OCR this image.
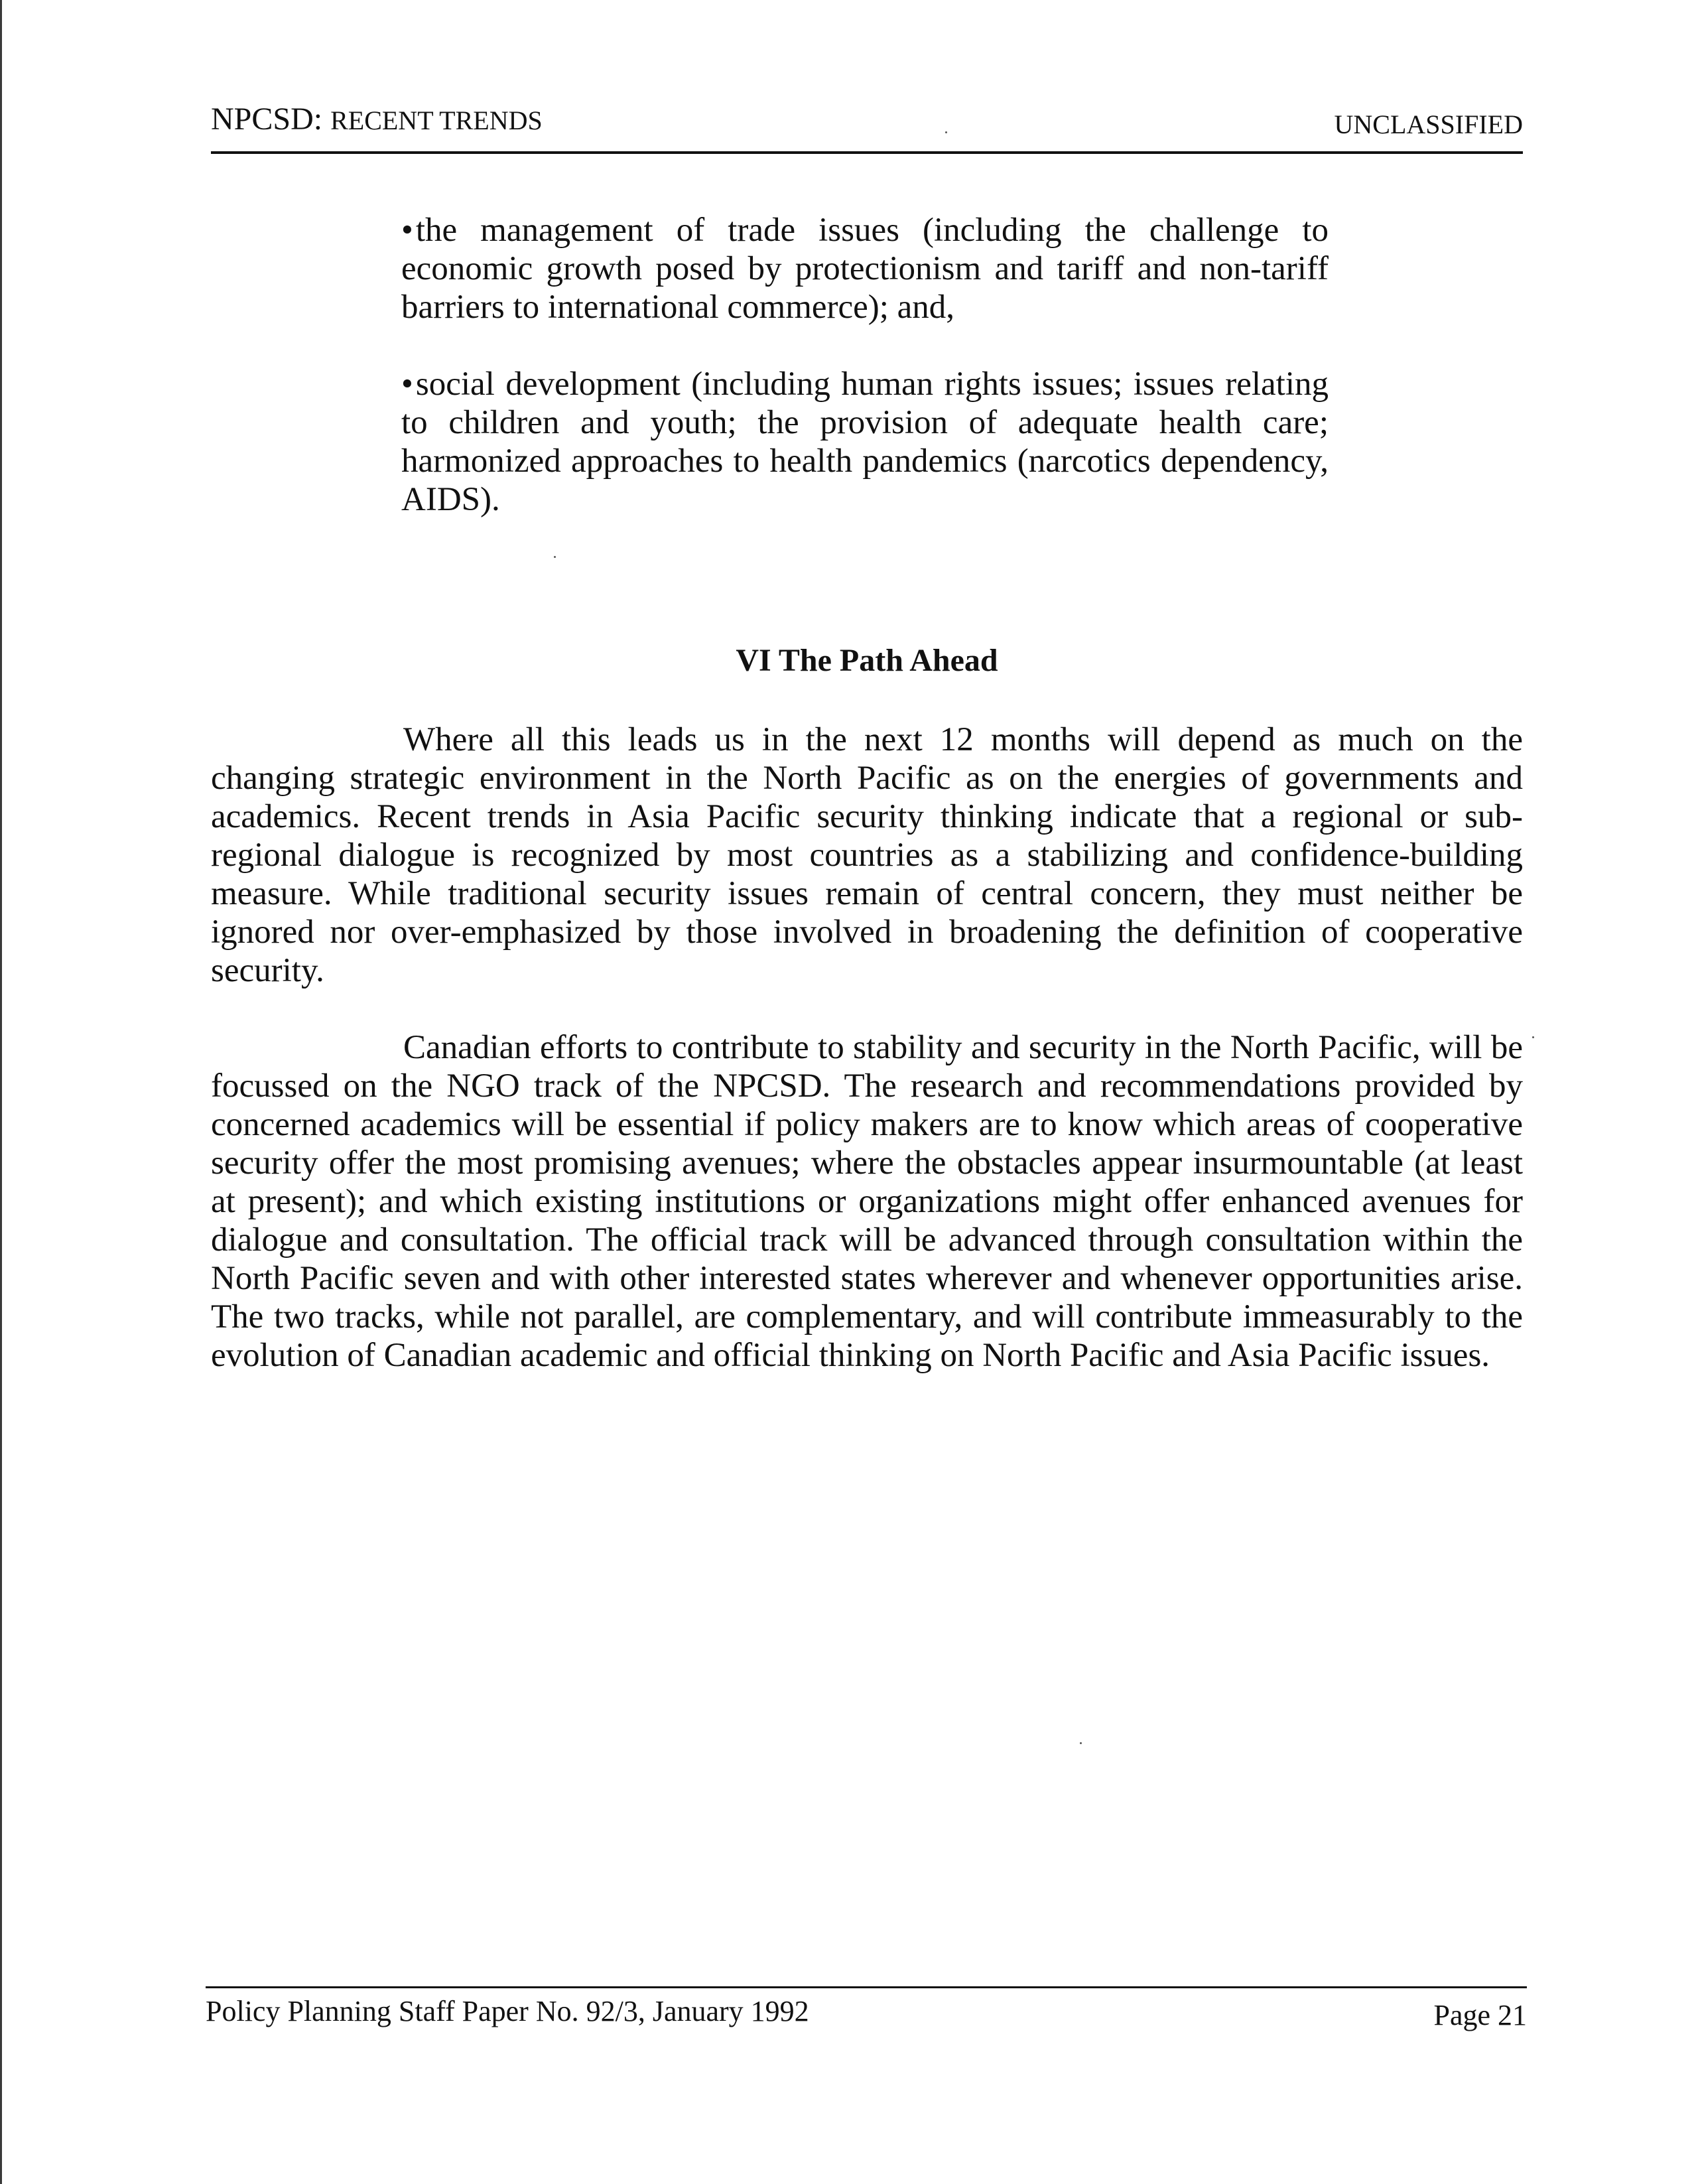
NPCSD: RECENT TRENDS	UNCLASSIFIED

•the management of trade issues (including the challenge to economic growth posed by protectionism and tariff and non-tariff barriers to international commerce); and,

•social development (including human rights issues; issues relating to children and youth; the provision of adequate health care; harmonized approaches to health pandemics (narcotics dependency, AIDS).

VI The Path Ahead

Where all this leads us in the next 12 months will depend as much on the changing strategic environment in the North Pacific as on the energies of governments and academics. Recent trends in Asia Pacific security thinking indicate that a regional or sub-regional dialogue is recognized by most countries as a stabilizing and confidence-building measure. While traditional security issues remain of central concern, they must neither be ignored nor over-emphasized by those involved in broadening the definition of cooperative security.

Canadian efforts to contribute to stability and security in the North Pacific, will be focussed on the NGO track of the NPCSD. The research and recommendations provided by concerned academics will be essential if policy makers are to know which areas of cooperative security offer the most promising avenues; where the obstacles appear insurmountable (at least at present); and which existing institutions or organizations might offer enhanced avenues for dialogue and consultation. The official track will be advanced through consultation within the North Pacific seven and with other interested states wherever and whenever opportunities arise. The two tracks, while not parallel, are complementary, and will contribute immeasurably to the evolution of Canadian academic and official thinking on North Pacific and Asia Pacific issues.

Policy Planning Staff Paper No. 92/3, January 1992	Page 21
